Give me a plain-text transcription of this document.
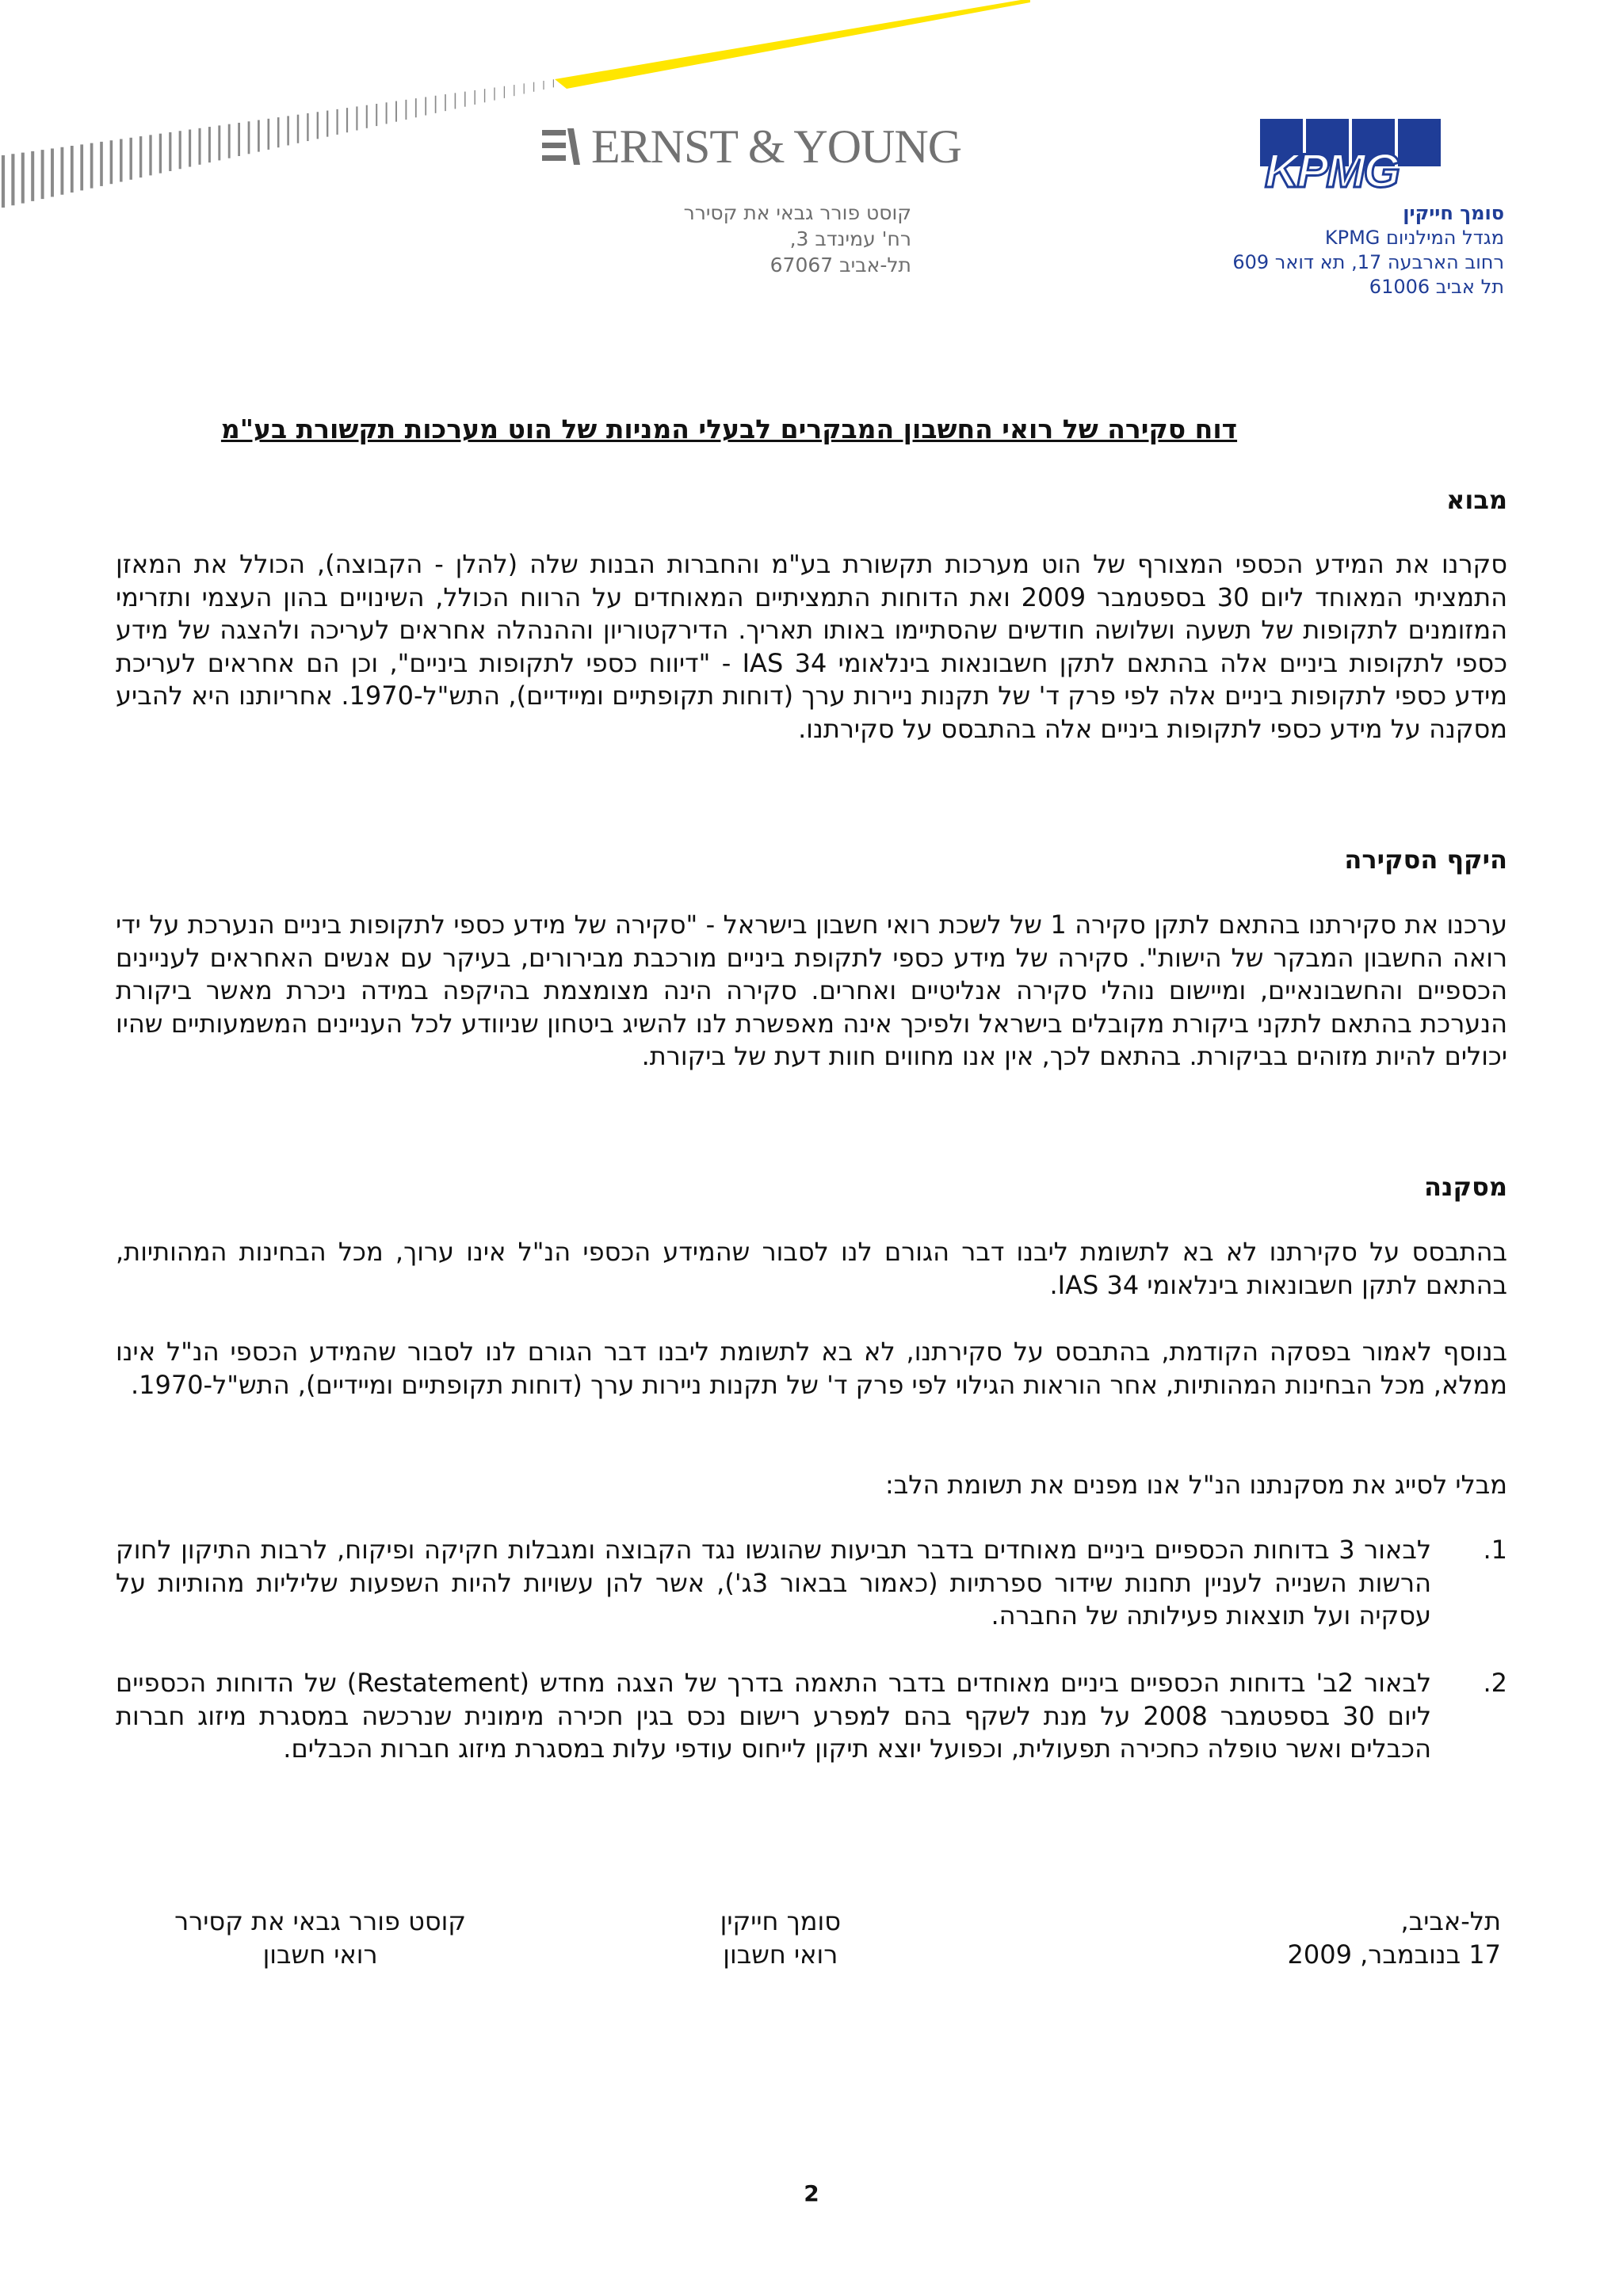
ERNST & YOUNG	KPMG
קוסט פורר גבאי את קסירר
רח' עמינדב 3,
תל-אביב 67067
סומך חייקין
מגדל המילניום KPMG
רחוב הארבעה 17, תא דואר 609
תל אביב 61006
דוח סקירה של רואי החשבון המבקרים לבעלי המניות של הוט מערכות תקשורת בע"מ
מבוא
סקרנו את המידע הכספי המצורף של הוט מערכות תקשורת בע"מ והחברות הבנות שלה (להלן - הקבוצה), הכולל את המאזן התמציתי המאוחד ליום 30 בספטמבר 2009 ואת הדוחות התמציתיים המאוחדים על הרווח הכולל, השינויים בהון העצמי ותזרימי המזומנים לתקופות של תשעה ושלושה חודשים שהסתיימו באותו תאריך. הדירקטוריון וההנהלה אחראים לעריכה ולהצגה של מידע כספי לתקופות ביניים אלה בהתאם לתקן חשבונאות בינלאומי IAS 34 - "דיווח כספי לתקופות ביניים", וכן הם אחראים לעריכת מידע כספי לתקופות ביניים אלה לפי פרק ד' של תקנות ניירות ערך (דוחות תקופתיים ומיידיים), התש"ל-1970. אחריותנו היא להביע מסקנה על מידע כספי לתקופות ביניים אלה בהתבסס על סקירתנו.
היקף הסקירה
ערכנו את סקירתנו בהתאם לתקן סקירה 1 של לשכת רואי חשבון בישראל - "סקירה של מידע כספי לתקופות ביניים הנערכת על ידי רואה החשבון המבקר של הישות". סקירה של מידע כספי לתקופת ביניים מורכבת מבירורים, בעיקר עם אנשים האחראים לעניינים הכספיים והחשבונאיים, ומיישום נוהלי סקירה אנליטיים ואחרים. סקירה הינה מצומצמת בהיקפה במידה ניכרת מאשר ביקורת הנערכת בהתאם לתקני ביקורת מקובלים בישראל ולפיכך אינה מאפשרת לנו להשיג ביטחון שניוודע לכל העניינים המשמעותיים שהיו יכולים להיות מזוהים בביקורת. בהתאם לכך, אין אנו מחווים חוות דעת של ביקורת.
מסקנה
בהתבסס על סקירתנו לא בא לתשומת ליבנו דבר הגורם לנו לסבור שהמידע הכספי הנ"ל אינו ערוך, מכל הבחינות המהותיות, בהתאם לתקן חשבונאות בינלאומי IAS 34.
בנוסף לאמור בפסקה הקודמת, בהתבסס על סקירתנו, לא בא לתשומת ליבנו דבר הגורם לנו לסבור שהמידע הכספי הנ"ל אינו ממלא, מכל הבחינות המהותיות, אחר הוראות הגילוי לפי פרק ד' של תקנות ניירות ערך (דוחות תקופתיים ומיידיים), התש"ל-1970.
מבלי לסייג את מסקנתנו הנ"ל אנו מפנים את תשומת הלב:
1.
לבאור 3 בדוחות הכספיים ביניים מאוחדים בדבר תביעות שהוגשו נגד הקבוצה ומגבלות חקיקה ופיקוח, לרבות התיקון לחוק הרשות השנייה לעניין תחנות שידור ספרתיות (כאמור בבאור 3ג'), אשר להן עשויות להיות השפעות שליליות מהותיות על עסקיה ועל תוצאות פעילותה של החברה.
2.
לבאור 2ב' בדוחות הכספיים ביניים מאוחדים בדבר התאמה בדרך של הצגה מחדש (Restatement) של הדוחות הכספיים ליום 30 בספטמבר 2008 על מנת לשקף בהם למפרע רישום נכס בגין חכירה מימונית שנרכשה במסגרת מיזוג חברות הכבלים ואשר טופלה כחכירה תפעולית, וכפועל יוצא תיקון לייחוס עודפי עלות במסגרת מיזוג חברות הכבלים.
תל-אביב,
17 בנובמבר, 2009
סומך חייקין
רואי חשבון
קוסט פורר גבאי את קסירר
רואי חשבון
2
